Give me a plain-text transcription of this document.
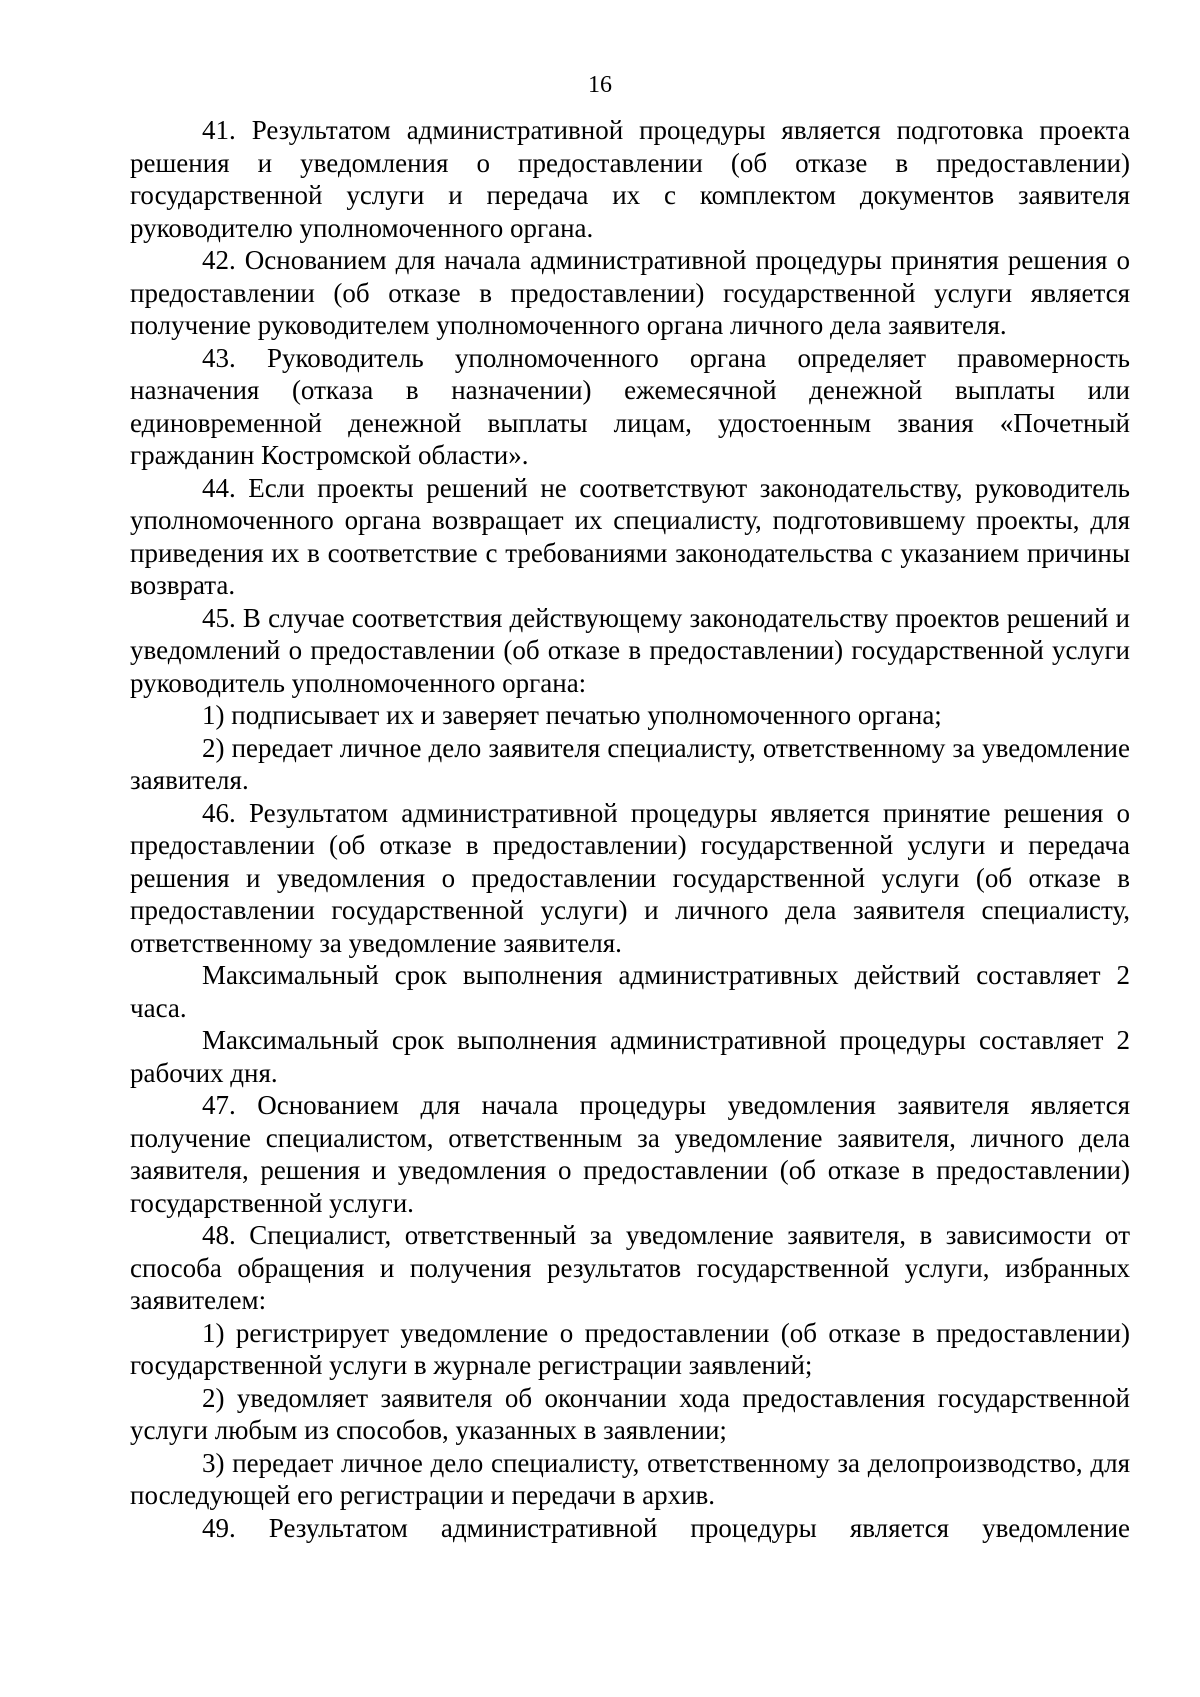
16

41. Результатом административной процедуры является подготовка проекта решения и уведомления о предоставлении (об отказе в предоставлении) государственной услуги и передача их с комплектом документов заявителя руководителю уполномоченного органа.

42. Основанием для начала административной процедуры принятия решения о предоставлении (об отказе в предоставлении) государственной услуги является получение руководителем уполномоченного органа личного дела заявителя.

43. Руководитель уполномоченного органа определяет правомерность назначения (отказа в назначении) ежемесячной денежной выплаты или единовременной денежной выплаты лицам, удостоенным звания «Почетный гражданин Костромской области».

44. Если проекты решений не соответствуют законодательству, руководитель уполномоченного органа возвращает их специалисту, подготовившему проекты, для приведения их в соответствие с требованиями законодательства с указанием причины возврата.

45. В случае соответствия действующему законодательству проектов решений и уведомлений о предоставлении (об отказе в предоставлении) государственной услуги руководитель уполномоченного органа:

1) подписывает их и заверяет печатью уполномоченного органа;

2) передает личное дело заявителя специалисту, ответственному за уведомление заявителя.

46. Результатом административной процедуры является принятие решения о предоставлении (об отказе в предоставлении) государственной услуги и передача решения и уведомления о предоставлении государственной услуги (об отказе в предоставлении государственной услуги) и личного дела заявителя специалисту, ответственному за уведомление заявителя.

Максимальный срок выполнения административных действий составляет 2 часа.

Максимальный срок выполнения административной процедуры составляет 2 рабочих дня.

47. Основанием для начала процедуры уведомления заявителя является получение специалистом, ответственным за уведомление заявителя, личного дела заявителя, решения и уведомления о предоставлении (об отказе в предоставлении) государственной услуги.

48. Специалист, ответственный за уведомление заявителя, в зависимости от способа обращения и получения результатов государственной услуги, избранных заявителем:

1) регистрирует уведомление о предоставлении (об отказе в предоставлении) государственной услуги в журнале регистрации заявлений;

2) уведомляет заявителя об окончании хода предоставления государственной услуги любым из способов, указанных в заявлении;

3) передает личное дело специалисту, ответственному за делопроизводство, для последующей его регистрации и передачи в архив.

49. Результатом административной процедуры является уведомление
